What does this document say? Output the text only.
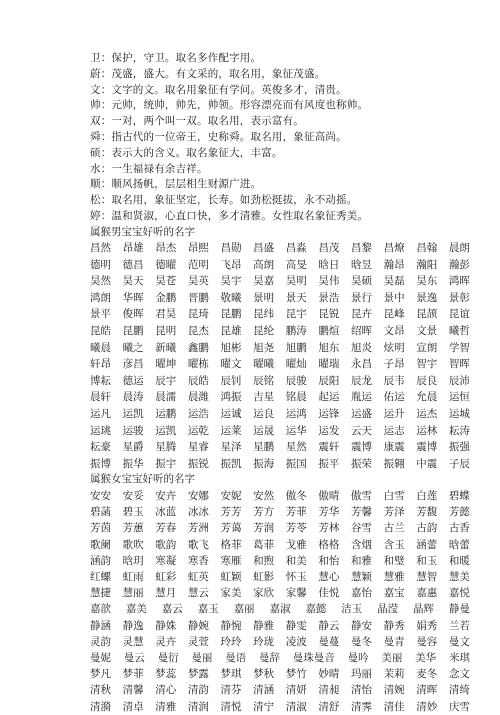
卫：保护，守卫。取名多作配字用。
蔚：茂盛，盛大。有文采的，取名用，象征茂盛。
文：文字的文。取名用象征有学问。英俊多才，清贵。
帅：元帅，统帅，帅先，帅领。形容漂亮而有风度也称帅。
双：一对，两个叫一双。取名用，表示富有。
舜：指古代的一位帝王，史称舜。取名用，象征高尚。
硕：表示大的含义。取名象征大，丰富。
水：一生福禄有余吉祥。
顺：顺风扬帆，层层相生财源广进。
松：取名用，象征坚定，长寿。如劲松挺拔，永不动摇。
婷：温和贤淑，心直口快，多才清雅。女性取名象征秀美。
属猴男宝宝好听的名字
昌然 昂雄 昂杰 昂熙 昌勋 昌盛 昌淼 昌茂 昌黎 昌燎 昌翰 晨朗
德明 德昌 德曜 范明 飞昂 高朗 高旻 晗日 晗昱 瀚昂 瀚阳 瀚彭
昊然 昊天 昊苍 昊英 昊宇 昊嘉 昊明 昊伟 昊硕 昊磊 昊东 鸿晖
鸿朗 华晖 金鹏 晋鹏 敬曦 景明 景天 景浩 景行 景中 景逸 景彰
景平 俊晖 君昊 昆琦 昆鹏 昆纬 昆宇 昆锐 昆卉 昆峰 昆颉 昆谊
昆皓 昆鹏 昆明 昆杰 昆雄 昆纶 鹏涛 鹏煊 绍晖 文昂 文景 曦哲
曦晨 曦之 新曦 鑫鹏 旭彬 旭尧 旭鹏 旭东 旭炎 炫明 宣朗 学智
轩昂 彦昌 曜坤 曜栋 曜文 曜曦 曜灿 曜瑞 永昌 子昂 智宇 智晖
博耘 德运 辰宇 辰皓 辰钊 辰铭 辰骏 辰阳 辰龙 辰韦 辰良 辰沛
晨轩 晨涛 晨濡 晨潍 鸿振 吉星 铭晨 起运 胤运 佑运 允晨 运恒
运凡 运凯 运鹏 运浩 运诚 运良 运鸿 运锋 运盛 运升 运杰 运城
运珧 运骏 运凯 运乾 运莱 运晟 运华 运发 云天 运志 运林 耘涛
耘豪 星爵 星腾 星睿 星泽 星鹏 星然 震轩 震博 康震 震博 振强
振博 振华 振宇 振锐 振凯 振海 振国 振平 振荣 振翱 中震 子辰
属猴女宝宝好听的名字
安安 安妥 安卉 安娜 安妮 安然 傲冬 傲晴 傲雪 白雪 白莲 碧蝶
碧菡 碧玉 冰蓝 冰冰 芳芳 芳方 芳菲 芳华 芳馨 芳泽 芳馥 芳懿
芳茵 芳蕙 芳春 芳洲 芳蔼 芳润 芳苓 芳林 谷雪 古兰 古韵 古香
歌阑 歌吹 歌韵 歌飞 格菲 葛菲 戈雅 格格 含烟 含玉 涵蕾 晗蕾
涵韵 晗玥 寒凝 寒香 寒雁 和煦 和美 和怡 和雅 和璧 和玉 和暖
红螺 虹雨 虹彩 虹英 虹颖 虹影 怀玉 慧心 慧颖 慧雅 慧智 慧美
慧捷 慧丽 慧月 慧云 家美 家欣 家馨 佳悦 嘉怡 嘉宝 嘉惠 嘉悦
嘉歆 嘉美 嘉云 嘉玉 嘉丽 嘉淑 嘉懿 洁玉 晶滢 晶辉 静曼
静涵 静逸 静姝 静婉 静惋 静雅 静雯 静云 静安 静秀 娟秀 兰若
灵韵 灵慧 灵卉 灵萱 玲玲 玲珑 凌波 曼蔓 曼冬 曼青 曼容 曼文
曼妮 曼云 曼衍 曼丽 曼语 曼辞 曼珠曼音 曼吟 美丽 美华 米琪
梦凡 梦菲 梦蕊 梦露 梦琪 梦秋 梦竹 妙晴 玛丽 茉莉 麦冬 念文
清秋 清馨 清心 清韵 清芬 清涵 清妍 清昶 清怡 清婉 清晖 清绮
清漪 清卓 清雅 清润 清悦 清宁 清淑 清舒 清霁 清佳 清妙 庆雪
